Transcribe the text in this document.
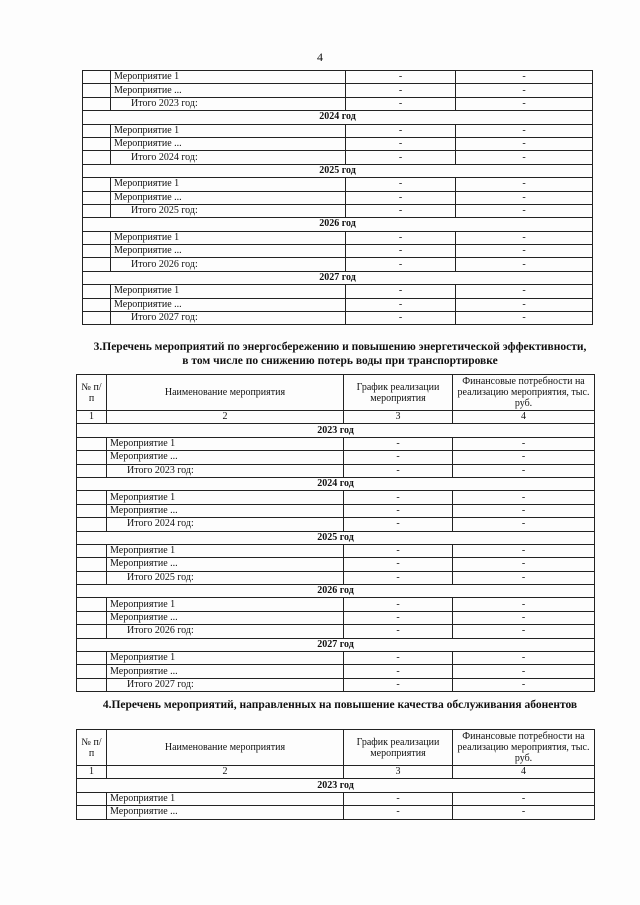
4
	Мероприятие 1	-	-
	Мероприятие ...	-	-
	Итого 2023 год:	-	-
2024 год			
	Мероприятие 1	-	-
	Мероприятие ...	-	-
	Итого 2024 год:	-	-
2025 год			
	Мероприятие 1	-	-
	Мероприятие ...	-	-
	Итого 2025 год:	-	-
2026 год			
	Мероприятие 1	-	-
	Мероприятие ...	-	-
	Итого 2026 год:	-	-
2027 год			
	Мероприятие 1	-	-
	Мероприятие ...	-	-
	Итого 2027 год:	-	-
3.Перечень мероприятий по энергосбережению и повышению энергетической эффективности, в том числе по снижению потерь воды при транспортировке
№ п/п	Наименование мероприятия	График реализации мероприятия	Финансовые потребности на реализацию мероприятия, тыс. руб.
1	2	3	4
2023 год			
	Мероприятие 1	-	-
	Мероприятие ...	-	-
	Итого 2023 год:	-	-
2024 год			
	Мероприятие 1	-	-
	Мероприятие ...	-	-
	Итого 2024 год:	-	-
2025 год			
	Мероприятие 1	-	-
	Мероприятие ...	-	-
	Итого 2025 год:	-	-
2026 год			
	Мероприятие 1	-	-
	Мероприятие ...	-	-
	Итого 2026 год:	-	-
2027 год			
	Мероприятие 1	-	-
	Мероприятие ...	-	-
	Итого 2027 год:	-	-
4.Перечень мероприятий, направленных на повышение качества обслуживания абонентов
№ п/п	Наименование мероприятия	График реализации мероприятия	Финансовые потребности на реализацию мероприятия, тыс. руб.
1	2	3	4
2023 год			
	Мероприятие 1	-	-
	Мероприятие ...	-	-
